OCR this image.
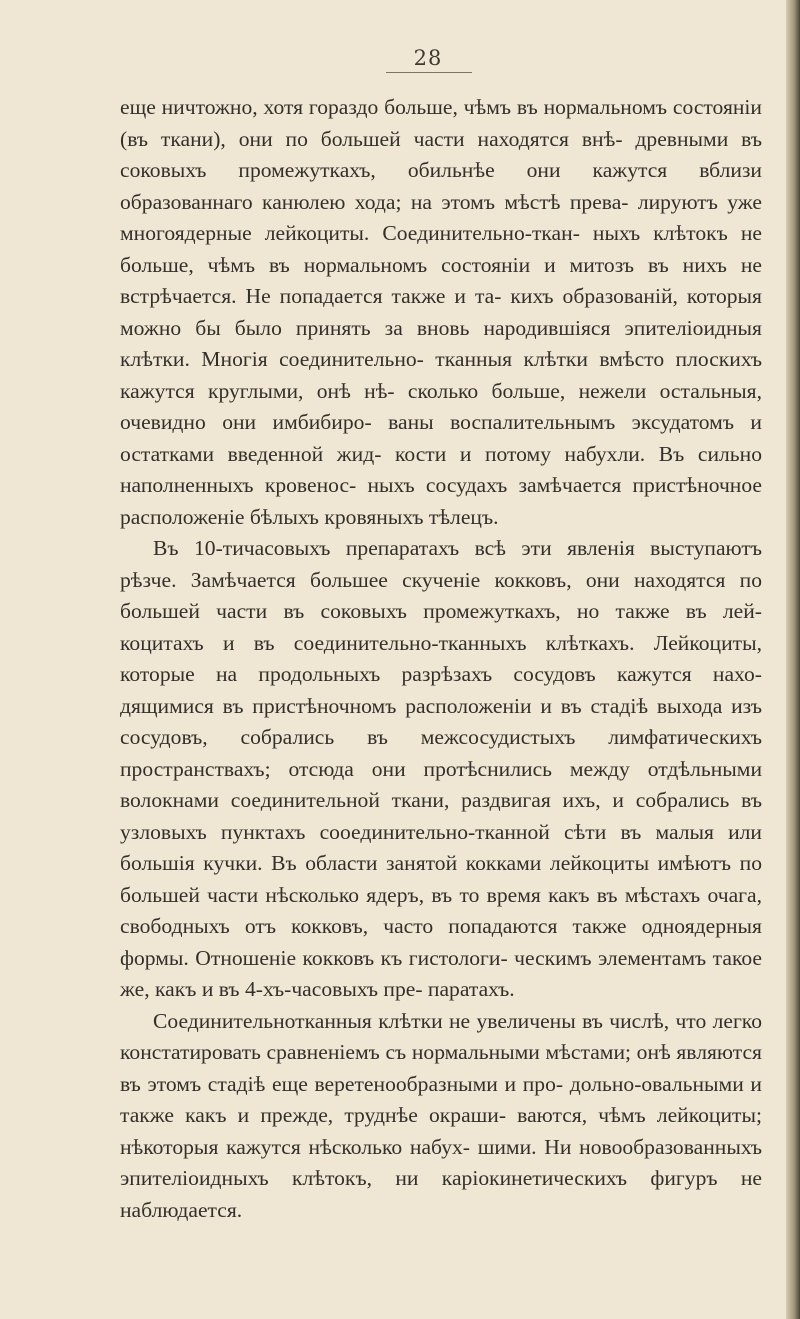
28

еще ничтожно, хотя гораздо больше, чѣмъ въ нормальномъ состояніи (въ ткани), они по большей части находятся внѣ- древными въ соковыхъ промежуткахъ, обильнѣе они кажутся вблизи образованнаго канюлею хода; на этомъ мѣстѣ прева- лируютъ уже многоядерные лейкоциты. Соединительно-ткан- ныхъ клѣтокъ не больше, чѣмъ въ нормальномъ состояніи и митозъ въ нихъ не встрѣчается. Не попадается также и та- кихъ образованій, которыя можно бы было принять за вновь народившіяся эпителіоидныя клѣтки. Многія соединительно- тканныя клѣтки вмѣсто плоскихъ кажутся круглыми, онѣ нѣ- сколько больше, нежели остальныя, очевидно они имбибиро- ваны воспалительнымъ эксудатомъ и остатками введенной жид- кости и потому набухли. Въ сильно наполненныхъ кровенос- ныхъ сосудахъ замѣчается пристѣночное расположеніе бѣлыхъ кровяныхъ тѣлецъ.

Въ 10-тичасовыхъ препаратахъ всѣ эти явленія выступаютъ рѣзче. Замѣчается большее скученіе кокковъ, они находятся по большей части въ соковыхъ промежуткахъ, но также въ лей- коцитахъ и въ соединительно-тканныхъ клѣткахъ. Лейкоциты, которые на продольныхъ разрѣзахъ сосудовъ кажутся нахо- дящимися въ пристѣночномъ расположеніи и въ стадіѣ выхода изъ сосудовъ, собрались въ межсосудистыхъ лимфатическихъ пространствахъ; отсюда они протѣснились между отдѣльными волокнами соединительной ткани, раздвигая ихъ, и собрались въ узловыхъ пунктахъ сооединительно-тканной сѣти въ малыя или большія кучки. Въ области занятой кокками лейкоциты имѣютъ по большей части нѣсколько ядеръ, въ то время какъ въ мѣстахъ очага, свободныхъ отъ кокковъ, часто попадаются также одноядерныя формы. Отношеніе кокковъ къ гистологи- ческимъ элементамъ такое же, какъ и въ 4-хъ-часовыхъ пре- паратахъ.

Соединительнотканныя клѣтки не увеличены въ числѣ, что легко констатировать сравненіемъ съ нормальными мѣстами; онѣ являются въ этомъ стадіѣ еще веретенообразными и про- дольно-овальными и также какъ и прежде, труднѣе окраши- ваются, чѣмъ лейкоциты; нѣкоторыя кажутся нѣсколько набух- шими. Ни новообразованныхъ эпителіоидныхъ клѣтокъ, ни каріокинетическихъ фигуръ не наблюдается.
